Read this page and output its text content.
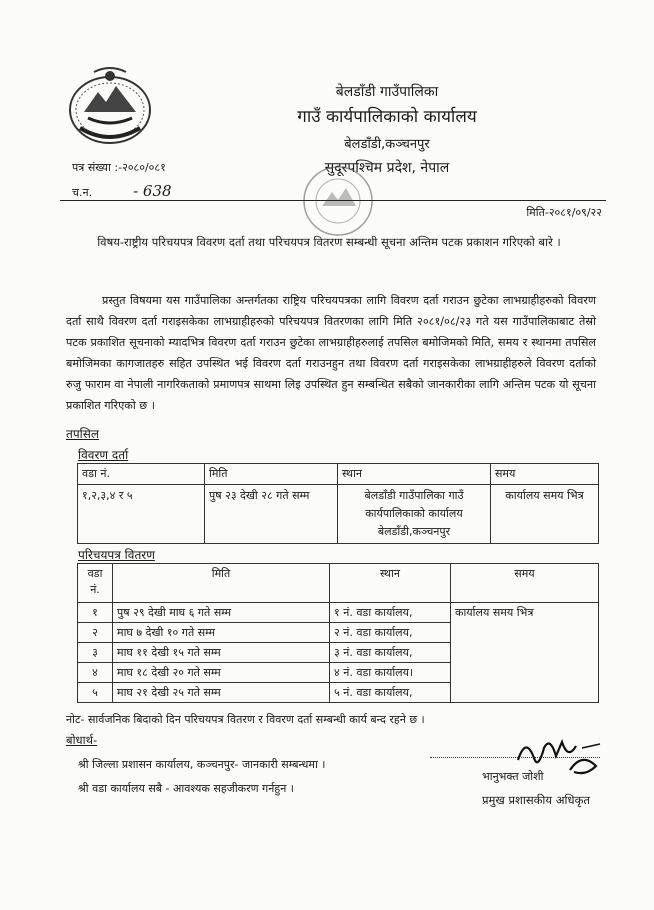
बेलडाँडी गाउँपालिका
गाउँ कार्यपालिकाको कार्यालय
बेलडाँडी,कञ्चनपुर
सुदूरपश्चिम प्रदेश, नेपाल
पत्र संख्या :-२०८०/०८१
च.न.	- 638
मिति-२०८१/०९/२२
विषय-राष्ट्रीय परिचयपत्र विवरण दर्ता तथा परिचयपत्र वितरण सम्बन्धी सूचना अन्तिम पटक प्रकाशन गरिएको बारे ।
प्रस्तुत विषयमा यस गाउँपालिका अन्तर्गतका राष्ट्रिय परिचयपत्रका लागि विवरण दर्ता गराउन छुटेका लाभग्राहीहरुको विवरण दर्ता साथै विवरण दर्ता गराइसकेका लाभग्राहीहरुको परिचयपत्र वितरणका लागि मिति २०८१/०८/२३ गते यस गाउँपालिकाबाट तेस्रो पटक प्रकाशित सूचनाको म्यादभित्र विवरण दर्ता गराउन छुटेका लाभग्राहीहरुलाई तपसिल बमोजिमको मिति, समय र स्थानमा तपसिल बमोजिमका कागजातहरु सहित उपस्थित भई विवरण दर्ता गराउनहुन तथा विवरण दर्ता गराइसकेका लाभग्राहीहरुले विवरण दर्ताको रुजु फाराम वा नेपाली नागरिकताको प्रमाणपत्र साथमा लिइ उपस्थित हुन सम्बन्धित सबैको जानकारीका लागि अन्तिम पटक यो सूचना प्रकाशित गरिएको छ ।
तपसिल
विवरण दर्ता
वडा नं.	मिति	स्थान	समय
१,२,३,४ र ५	पुष २३ देखी २८ गते सम्म	बेलडाँडी गाउँपालिका गाउँ कार्यपालिकाको कार्यालय बेलडाँडी,कञ्चनपुर	कार्यालय समय भित्र
परिचयपत्र वितरण
वडा नं.	मिति	स्थान	समय
१	पुष २९ देखी माघ ६ गते सम्म	१ नं. वडा कार्यालय,	कार्यालय समय भित्र
२	माघ ७ देखी १० गते सम्म	२ नं. वडा कार्यालय,	
३	माघ ११ देखी १५ गते सम्म	३ नं. वडा कार्यालय,	
४	माघ १८ देखी २० गते सम्म	४ नं. वडा कार्यालय।	
५	माघ २१ देखी २५ गते सम्म	५ नं. वडा कार्यालय,	
नोट- सार्वजनिक बिदाको दिन परिचयपत्र वितरण र विवरण दर्ता सम्बन्धी कार्य बन्द रहने छ ।
बोधार्थ-
श्री जिल्ला प्रशासन कार्यालय, कञ्चनपुर- जानकारी सम्बन्धमा ।
श्री वडा कार्यालय सबै - आवश्यक सहजीकरण गर्नहुन ।
भानुभक्त जोशी
प्रमुख प्रशासकीय अधिकृत
